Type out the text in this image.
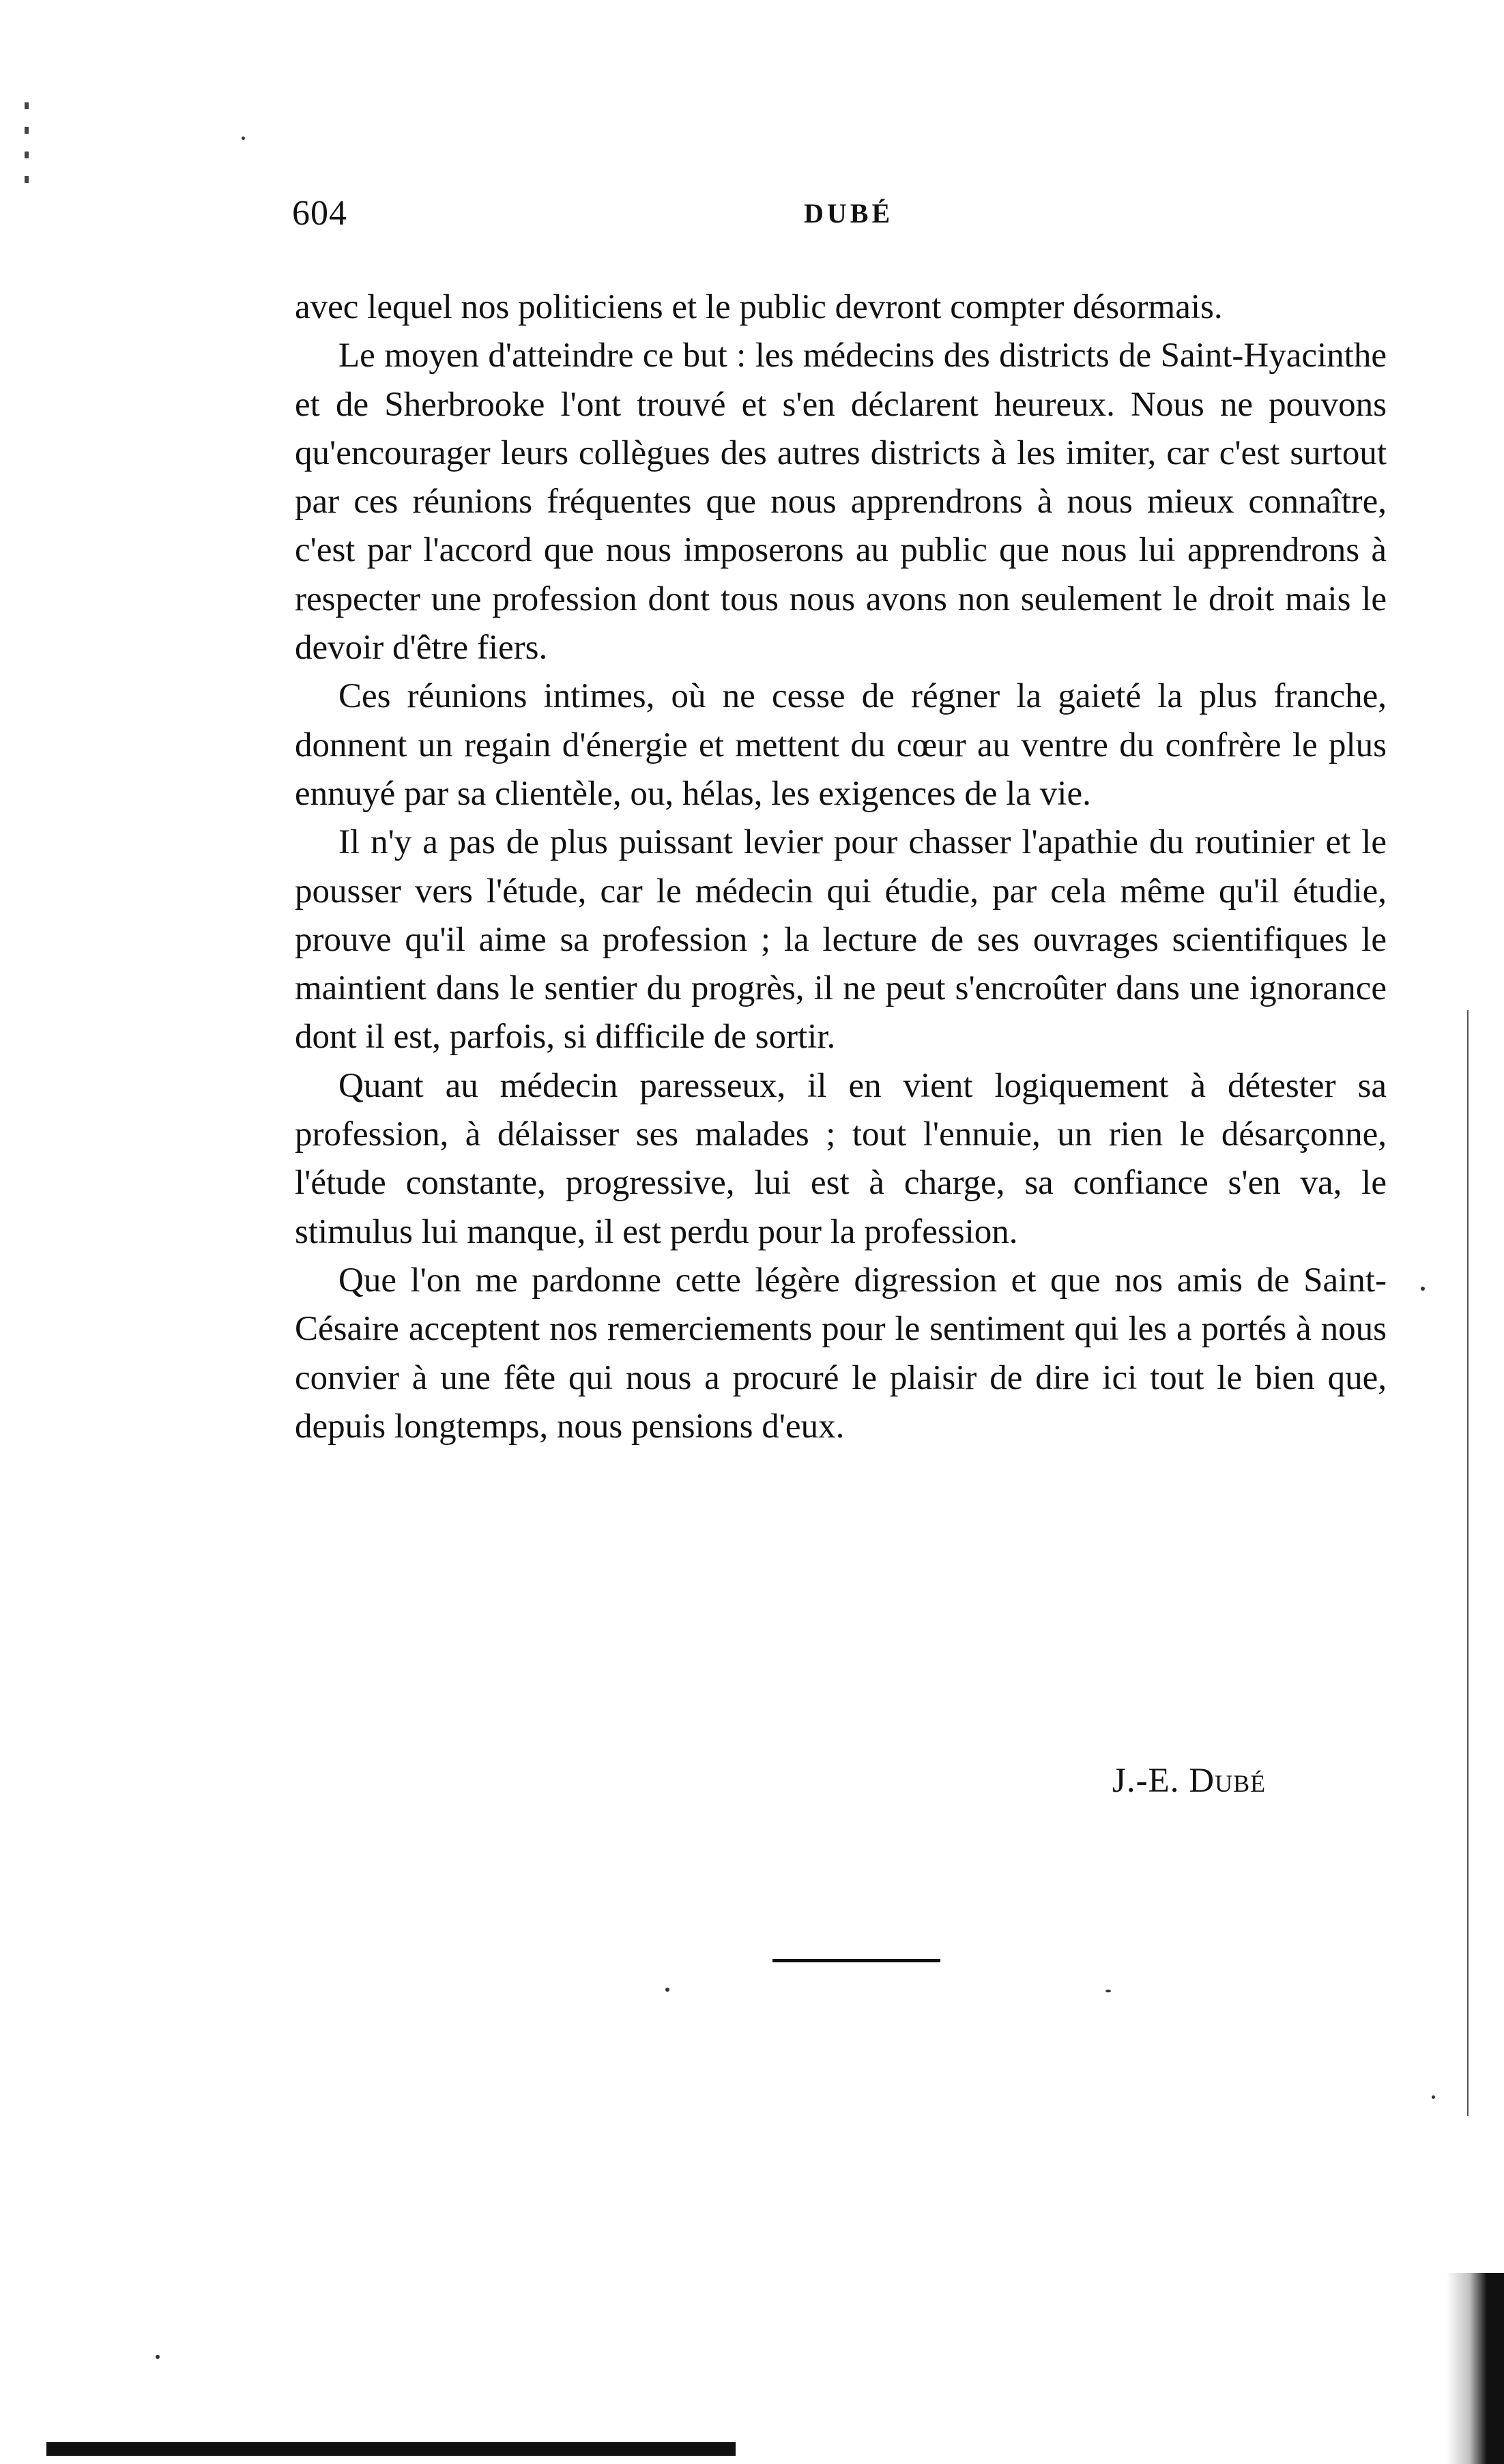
604	DUBÉ

avec lequel nos politiciens et le public devront compter désormais.

Le moyen d'atteindre ce but : les médecins des districts de Saint-Hyacinthe et de Sherbrooke l'ont trouvé et s'en déclarent heureux. Nous ne pouvons qu'encourager leurs collègues des autres districts à les imiter, car c'est surtout par ces réunions fréquentes que nous apprendrons à nous mieux connaître, c'est par l'accord que nous imposerons au public que nous lui apprendrons à respecter une profession dont tous nous avons non seulement le droit mais le devoir d'être fiers.

Ces réunions intimes, où ne cesse de régner la gaieté la plus franche, donnent un regain d'énergie et mettent du cœur au ventre du confrère le plus ennuyé par sa clientèle, ou, hélas, les exigences de la vie.

Il n'y a pas de plus puissant levier pour chasser l'apathie du routinier et le pousser vers l'étude, car le médecin qui étudie, par cela même qu'il étudie, prouve qu'il aime sa profession ; la lecture de ses ouvrages scientifiques le maintient dans le sentier du progrès, il ne peut s'encroûter dans une ignorance dont il est, parfois, si difficile de sortir.

Quant au médecin paresseux, il en vient logiquement à détester sa profession, à délaisser ses malades ; tout l'ennuie, un rien le désarçonne, l'étude constante, progressive, lui est à charge, sa confiance s'en va, le stimulus lui manque, il est perdu pour la profession.

Que l'on me pardonne cette légère digression et que nos amis de Saint-Césaire acceptent nos remerciements pour le sentiment qui les a portés à nous convier à une fête qui nous a procuré le plaisir de dire ici tout le bien que, depuis longtemps, nous pensions d'eux.

J.-E. Dubé
